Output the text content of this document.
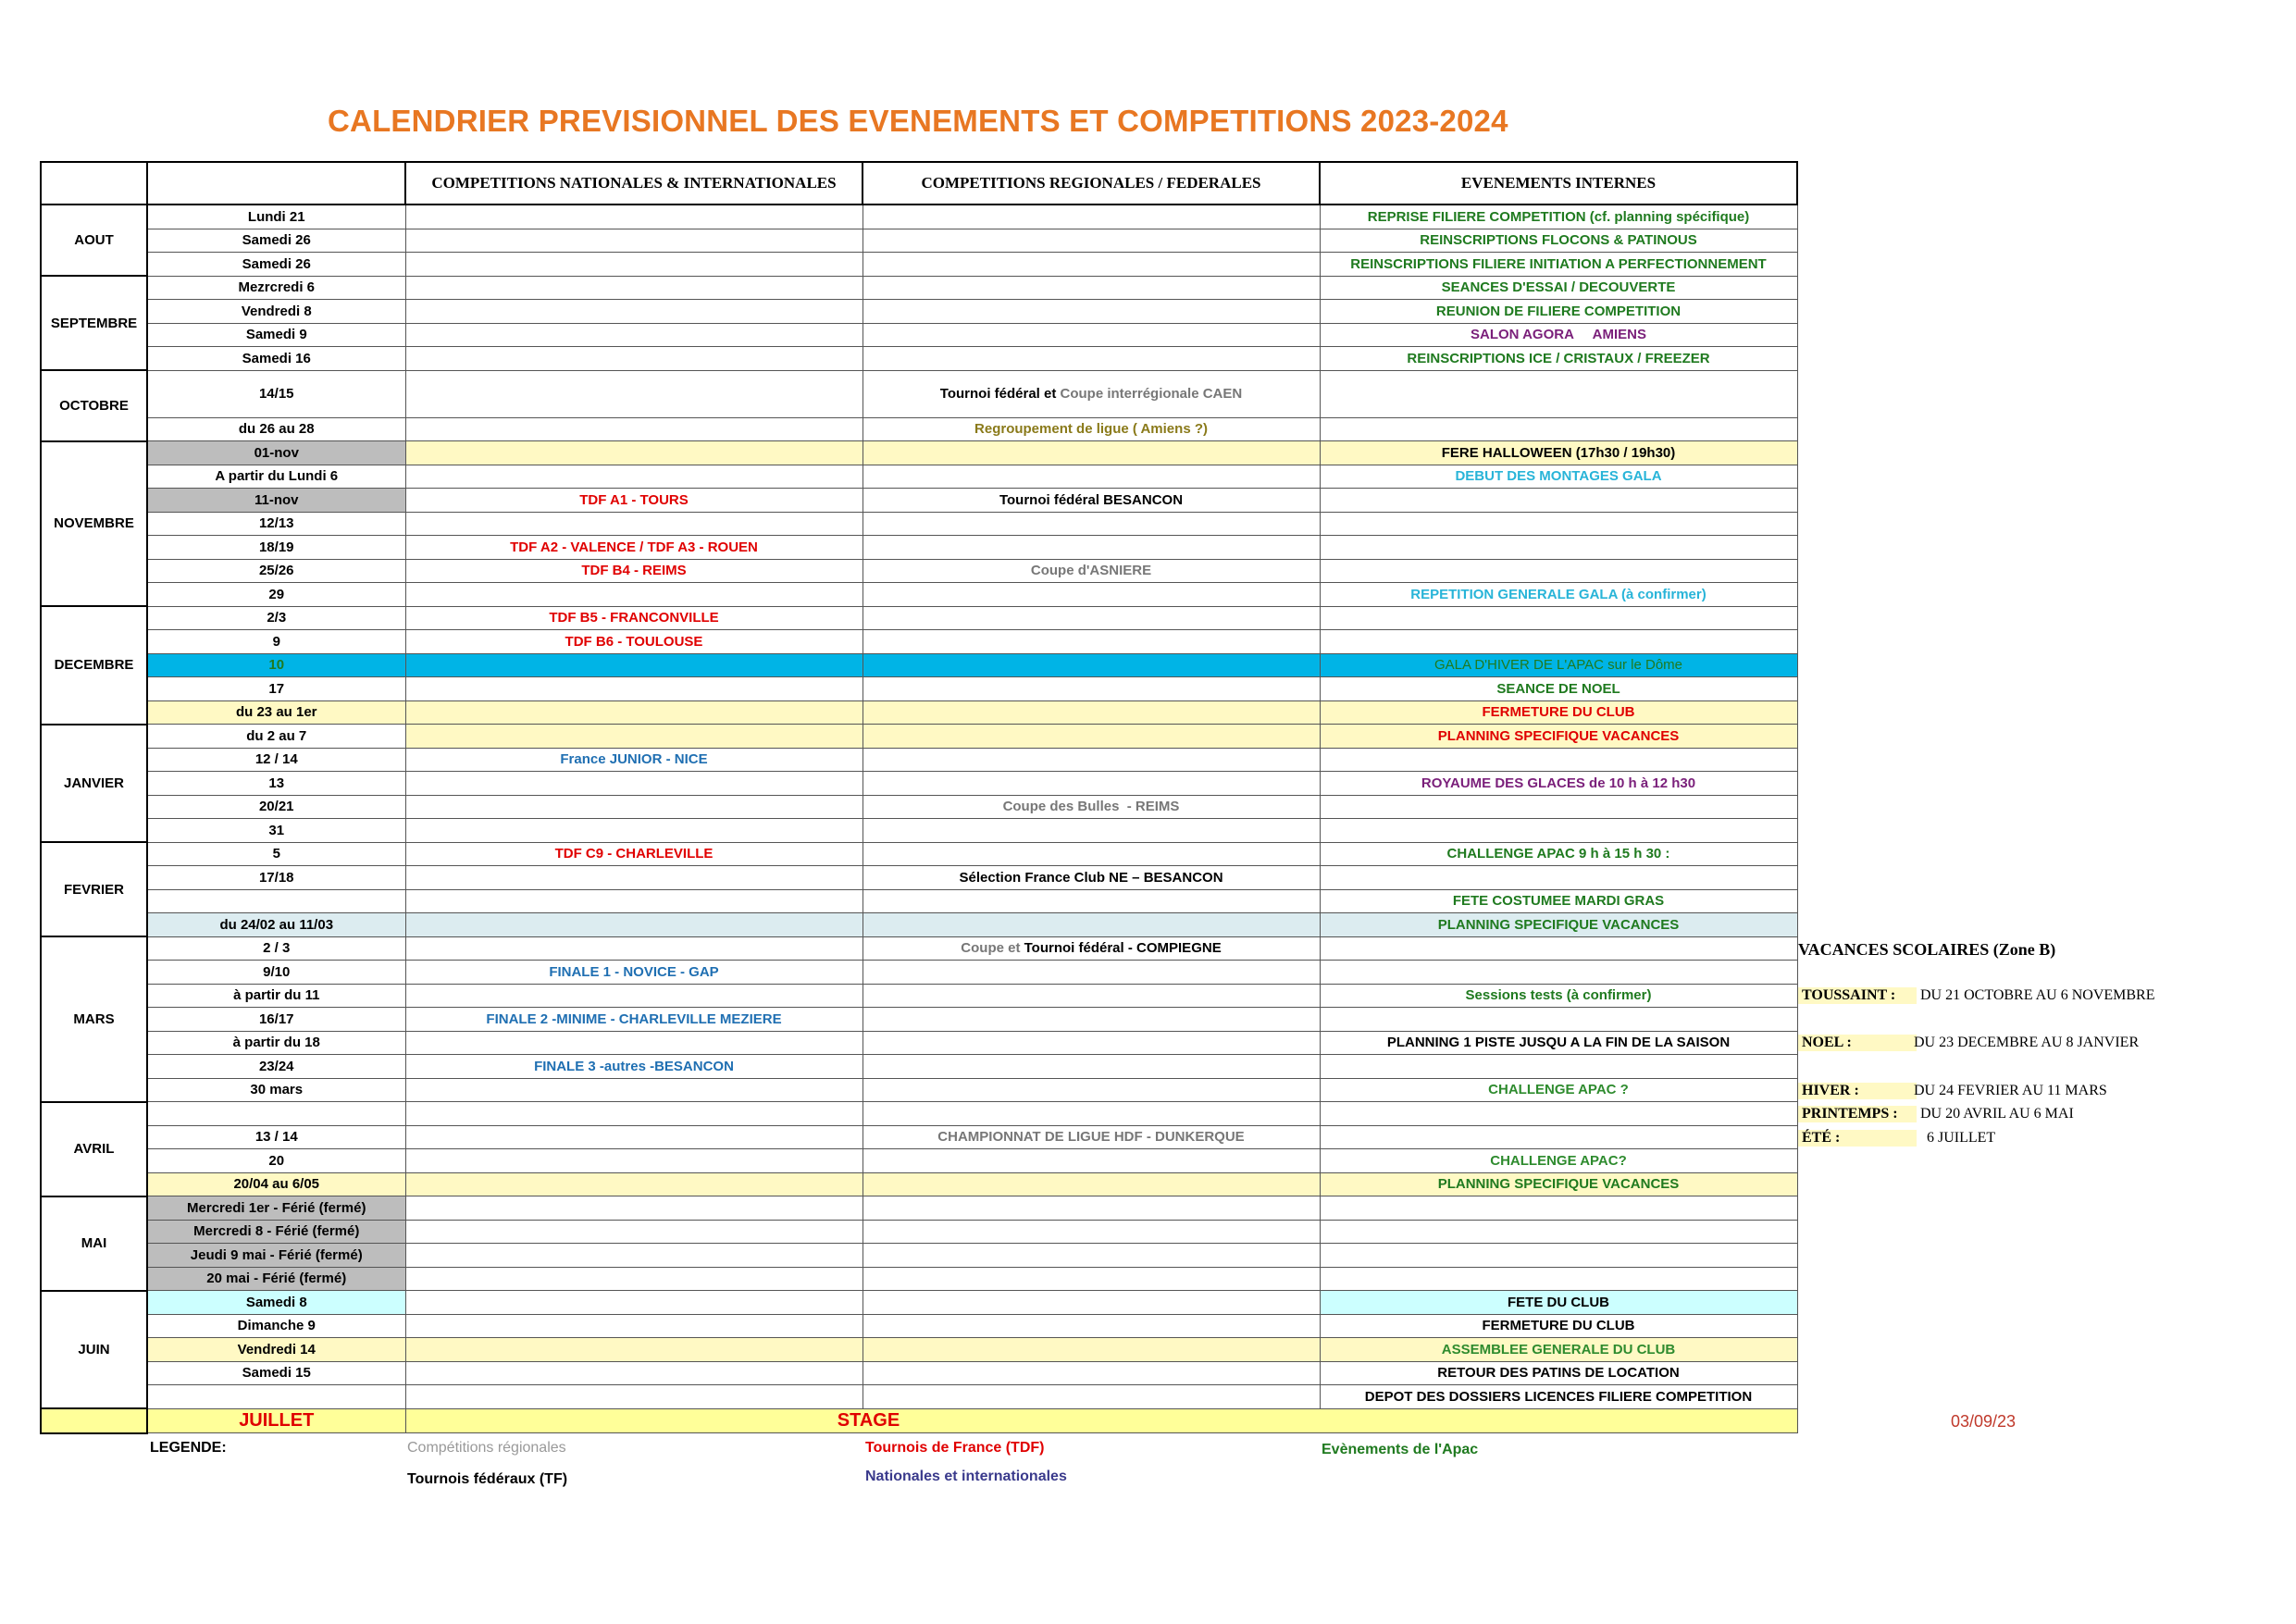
CALENDRIER PREVISIONNEL DES EVENEMENTS ET COMPETITIONS 2023-2024
		COMPETITIONS NATIONALES & INTERNATIONALES	COMPETITIONS REGIONALES / FEDERALES	EVENEMENTS INTERNES
AOUT	Lundi 21			REPRISE FILIERE COMPETITION (cf. planning spécifique)
	Samedi 26			REINSCRIPTIONS FLOCONS & PATINOUS
	Samedi 26			REINSCRIPTIONS FILIERE INITIATION A PERFECTIONNEMENT
SEPTEMBRE	Mezrcredi 6			SEANCES D'ESSAI / DECOUVERTE
	Vendredi 8			REUNION DE FILIERE COMPETITION
	Samedi 9			SALON AGORA     AMIENS
	Samedi 16			REINSCRIPTIONS ICE / CRISTAUX / FREEZER
OCTOBRE	14/15		Tournoi fédéral et Coupe interrégionale CAEN	
	du 26 au 28		Regroupement de ligue ( Amiens ?)	
NOVEMBRE	01-nov			FERE HALLOWEEN (17h30 / 19h30)
	A partir du Lundi 6			DEBUT DES MONTAGES GALA
	11-nov	TDF A1 - TOURS	Tournoi fédéral BESANCON	
	12/13			
	18/19	TDF A2 - VALENCE / TDF A3 - ROUEN		
	25/26	TDF B4 - REIMS	Coupe d'ASNIERE	
	29			REPETITION GENERALE GALA (à confirmer)
DECEMBRE	2/3	TDF B5 - FRANCONVILLE		
	9	TDF B6 - TOULOUSE		
	10			GALA D'HIVER DE L'APAC sur le Dôme
	17			SEANCE DE NOEL
	du 23 au 1er			FERMETURE DU CLUB
JANVIER	du 2 au 7			PLANNING SPECIFIQUE VACANCES
	12 / 14	France JUNIOR - NICE		
	13			ROYAUME DES GLACES de 10 h à 12 h30
	20/21		Coupe des Bulles  - REIMS	
	31			
FEVRIER	5	TDF C9 - CHARLEVILLE		CHALLENGE APAC 9 h à 15 h 30 :
	17/18		Sélection France Club NE – BESANCON	
				FETE COSTUMEE MARDI GRAS
	du 24/02 au 11/03			PLANNING SPECIFIQUE VACANCES
MARS	2 / 3		Coupe et Tournoi fédéral - COMPIEGNE	
	9/10	FINALE 1 - NOVICE - GAP		
	à partir du 11			Sessions tests (à confirmer)
	16/17	FINALE 2 -MINIME - CHARLEVILLE MEZIERE		
	à partir du 18			PLANNING 1 PISTE JUSQU A LA FIN DE LA SAISON
	23/24	FINALE 3 -autres -BESANCON		
	30 mars			CHALLENGE APAC ?
AVRIL				
	13 / 14		CHAMPIONNAT DE LIGUE HDF - DUNKERQUE	
	20			CHALLENGE APAC?
	20/04 au 6/05			PLANNING SPECIFIQUE VACANCES
MAI	Mercredi 1er - Férié (fermé)			
	Mercredi 8 - Férié (fermé)			
	Jeudi 9 mai - Férié (fermé)			
	20 mai - Férié (fermé)			
JUIN	Samedi 8			FETE DU CLUB
	Dimanche 9			FERMETURE DU CLUB
	Vendredi 14			ASSEMBLEE GENERALE DU CLUB
	Samedi 15			RETOUR DES PATINS DE LOCATION
				DEPOT DES DOSSIERS LICENCES FILIERE COMPETITION
	JUILLET	STAGE		
VACANCES SCOLAIRES (Zone B)
TOUSSAINT :	DU 21 OCTOBRE AU 6 NOVEMBRE
NOEL :	DU 23 DECEMBRE AU 8 JANVIER
HIVER :	DU 24 FEVRIER AU 11 MARS
PRINTEMPS :	DU 20 AVRIL AU 6 MAI
ÉTÉ :	6 JUILLET
03/09/23
LEGENDE:	Compétitions régionales
Tournois fédéraux (TF)
Tournois de France (TDF)
Nationales et internationales
Evènements de l'Apac
